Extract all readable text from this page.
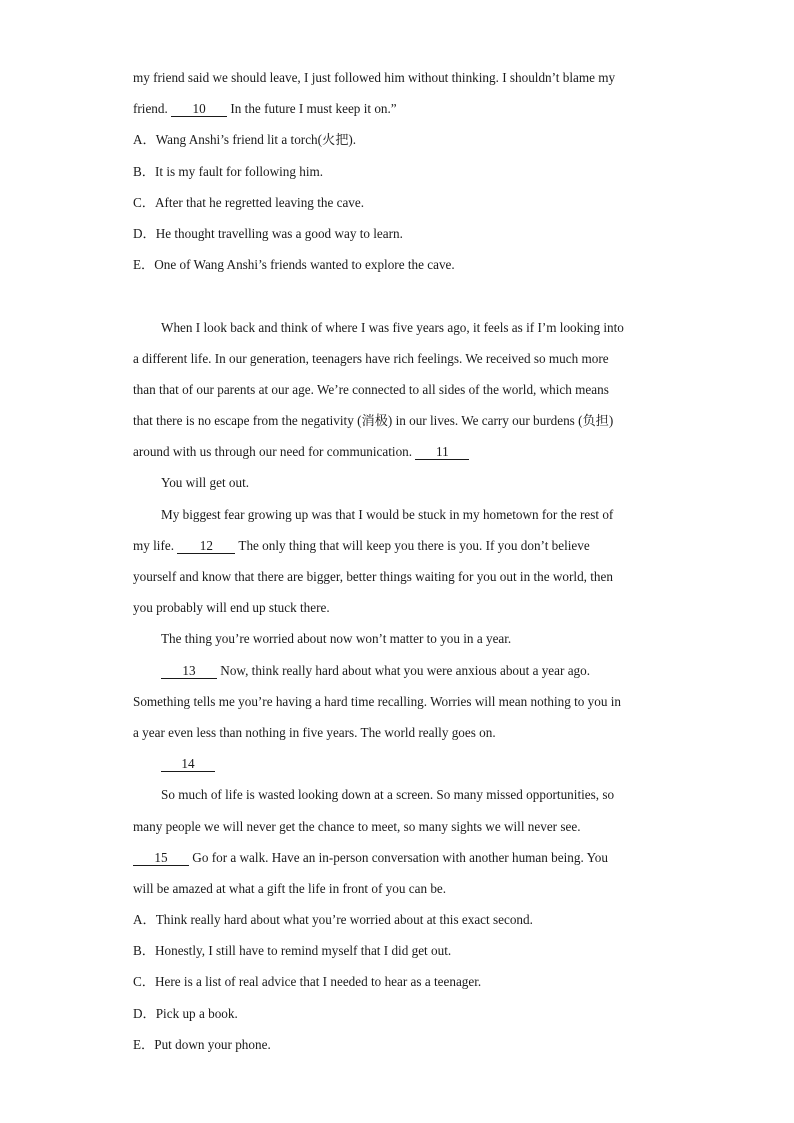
my friend said we should leave, I just followed him without thinking. I shouldn’t blame my
friend. 10 In the future I must keep it on.”
A．Wang Anshi’s friend lit a torch(火把).
B．It is my fault for following him.
C．After that he regretted leaving the cave.
D．He thought travelling was a good way to learn.
E．One of Wang Anshi’s friends wanted to explore the cave.
When I look back and think of where I was five years ago, it feels as if I’m looking into
a different life. In our generation, teenagers have rich feelings. We received so much more
than that of our parents at our age. We’re connected to all sides of the world, which means
that there is no escape from the negativity (消极) in our lives. We carry our burdens (负担)
around with us through our need for communication. 11
You will get out.
My biggest fear growing up was that I would be stuck in my hometown for the rest of
my life. 12 The only thing that will keep you there is you. If you don’t believe
yourself and know that there are bigger, better things waiting for you out in the world, then
you probably will end up stuck there.
The thing you’re worried about now won’t matter to you in a year.
13 Now, think really hard about what you were anxious about a year ago.
Something tells me you’re having a hard time recalling. Worries will mean nothing to you in
a year even less than nothing in five years. The world really goes on.
14
So much of life is wasted looking down at a screen. So many missed opportunities, so
many people we will never get the chance to meet, so many sights we will never see.
15 Go for a walk. Have an in-person conversation with another human being. You
will be amazed at what a gift the life in front of you can be.
A．Think really hard about what you’re worried about at this exact second.
B．Honestly, I still have to remind myself that I did get out.
C．Here is a list of real advice that I needed to hear as a teenager.
D．Pick up a book.
E．Put down your phone.
